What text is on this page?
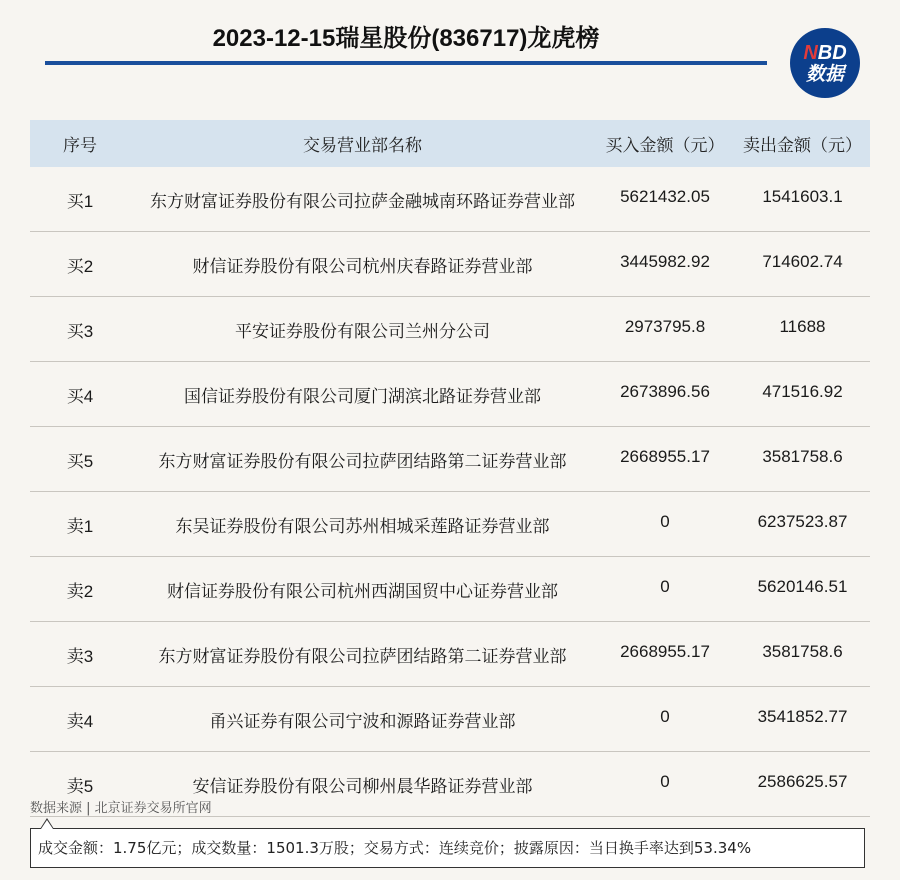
2023-12-15瑞星股份(836717)龙虎榜
NBD
数据
序号	交易营业部名称	买入金额（元）	卖出金额（元）
买1	东方财富证券股份有限公司拉萨金融城南环路证券营业部	5621432.05	1541603.1
买2	财信证券股份有限公司杭州庆春路证券营业部	3445982.92	714602.74
买3	平安证券股份有限公司兰州分公司	2973795.8	11688
买4	国信证券股份有限公司厦门湖滨北路证券营业部	2673896.56	471516.92
买5	东方财富证券股份有限公司拉萨团结路第二证券营业部	2668955.17	3581758.6
卖1	东吴证券股份有限公司苏州相城采莲路证券营业部	0	6237523.87
卖2	财信证券股份有限公司杭州西湖国贸中心证券营业部	0	5620146.51
卖3	东方财富证券股份有限公司拉萨团结路第二证券营业部	2668955.17	3581758.6
卖4	甬兴证券有限公司宁波和源路证券营业部	0	3541852.77
卖5	安信证券股份有限公司柳州晨华路证券营业部	0	2586625.57
数据来源 | 北京证券交易所官网
成交金额：1.75亿元；成交数量：1501.3万股；交易方式：连续竞价；披露原因：当日换手率达到53.34%
